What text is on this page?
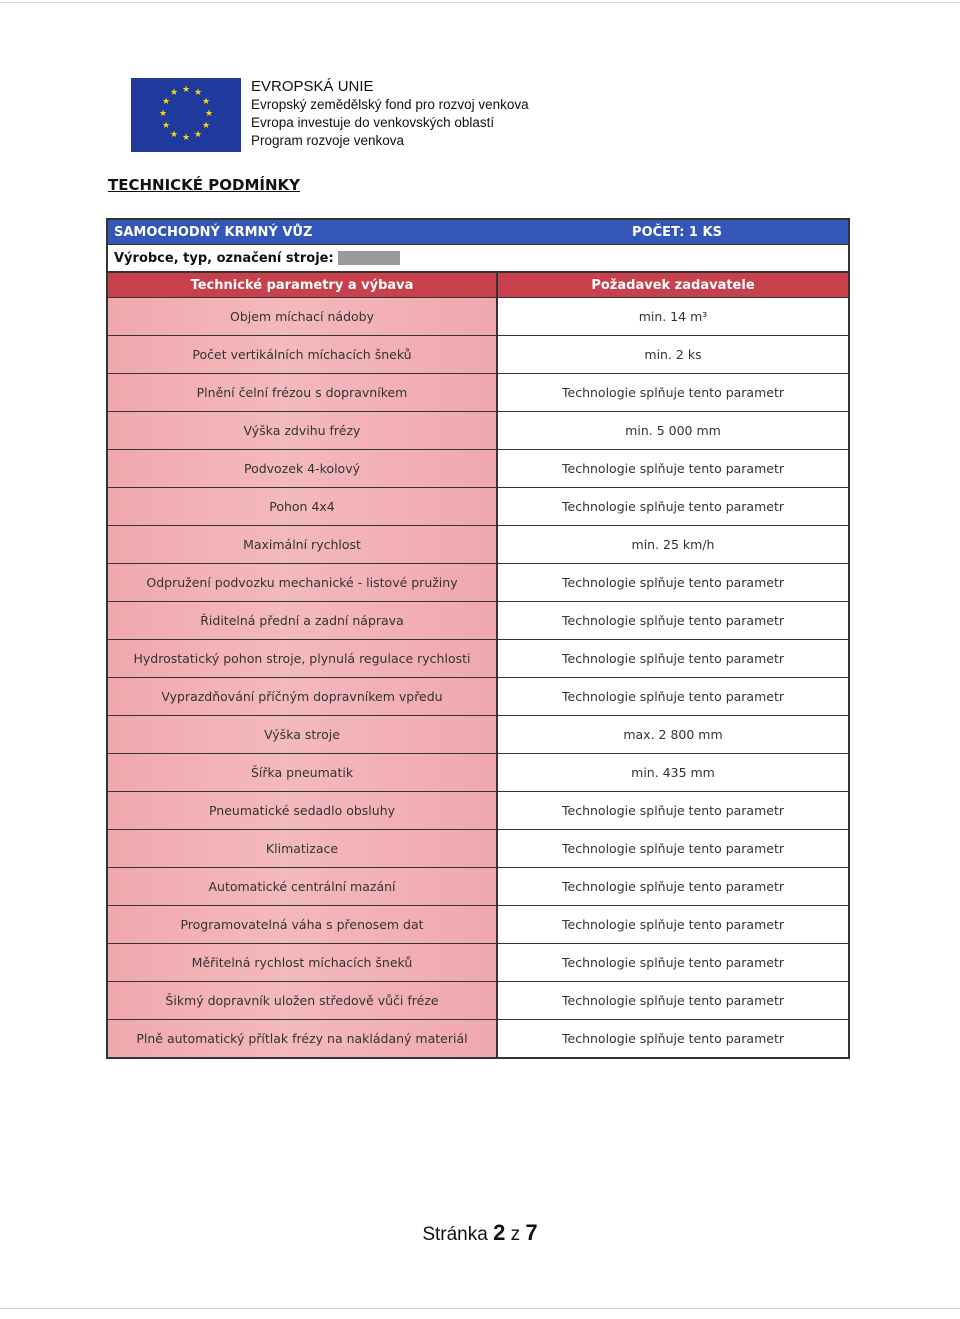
★ ★
★
★
★
★
★
★
★
★
★
★	EVROPSKÁ UNIE
Evropský zemědělský fond pro rozvoj venkova
Evropa investuje do venkovských oblastí
Program rozvoje venkova
TECHNICKÉ PODMÍNKY
SAMOCHODNÝ KRMNÝ VŮZ	POČET: 1 KS
Výrobce, typ, označení stroje:
Technické parametry a výbava	Požadavek zadavatele
Objem míchací nádoby	min. 14 m³
Počet vertikálních míchacích šneků	min. 2 ks
Plnění čelní frézou s dopravníkem	Technologie splňuje tento parametr
Výška zdvihu frézy	min. 5 000 mm
Podvozek 4-kolový	Technologie splňuje tento parametr
Pohon 4x4	Technologie splňuje tento parametr
Maximální rychlost	min. 25 km/h
Odpružení podvozku mechanické - listové pružiny	Technologie splňuje tento parametr
Řiditelná přední a zadní náprava	Technologie splňuje tento parametr
Hydrostatický pohon stroje, plynulá regulace rychlosti	Technologie splňuje tento parametr
Vyprazdňování příčným dopravníkem vpředu	Technologie splňuje tento parametr
Výška stroje	max. 2 800 mm
Šířka pneumatik	min. 435 mm
Pneumatické sedadlo obsluhy	Technologie splňuje tento parametr
Klimatizace	Technologie splňuje tento parametr
Automatické centrální mazání	Technologie splňuje tento parametr
Programovatelná váha s přenosem dat	Technologie splňuje tento parametr
Měřitelná rychlost míchacích šneků	Technologie splňuje tento parametr
Šikmý dopravník uložen středově vůči fréze	Technologie splňuje tento parametr
Plně automatický přítlak frézy na nakládaný materiál	Technologie splňuje tento parametr
Stránka 2 z 7
